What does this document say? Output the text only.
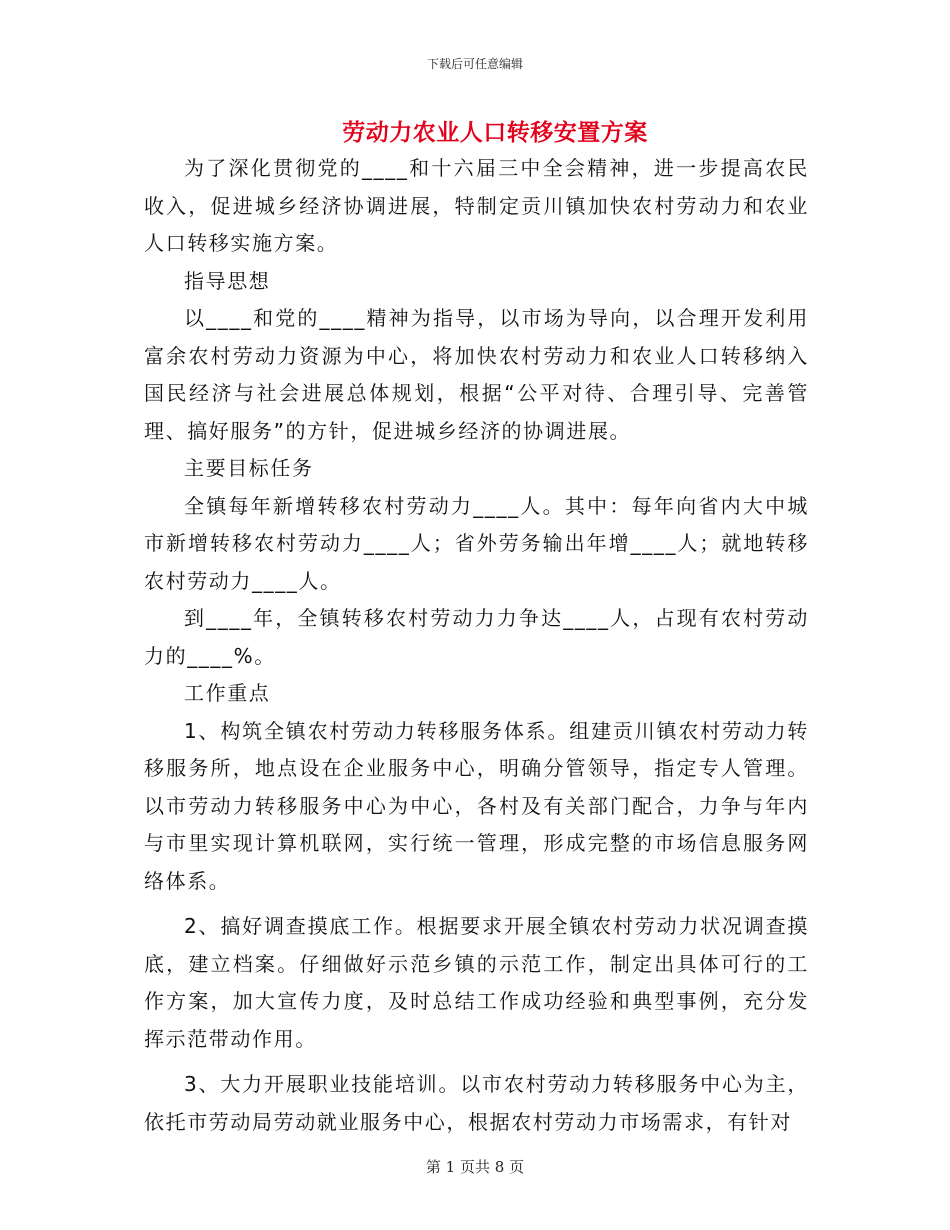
下载后可任意编辑
劳动力农业人口转移安置方案

为了深化贯彻党的____和十六届三中全会精神，进一步提高农民收入，促进城乡经济协调进展，特制定贡川镇加快农村劳动力和农业人口转移实施方案。

指导思想

以____和党的____精神为指导，以市场为导向，以合理开发利用富余农村劳动力资源为中心，将加快农村劳动力和农业人口转移纳入国民经济与社会进展总体规划，根据“公平对待、合理引导、完善管理、搞好服务”的方针，促进城乡经济的协调进展。

主要目标任务

全镇每年新增转移农村劳动力____人。其中：每年向省内大中城市新增转移农村劳动力____人；省外劳务输出年增____人；就地转移农村劳动力____人。

到____年，全镇转移农村劳动力力争达____人，占现有农村劳动力的____%。

工作重点

1、构筑全镇农村劳动力转移服务体系。组建贡川镇农村劳动力转移服务所，地点设在企业服务中心，明确分管领导，指定专人管理。以市劳动力转移服务中心为中心，各村及有关部门配合，力争与年内与市里实现计算机联网，实行统一管理，形成完整的市场信息服务网络体系。

2、搞好调查摸底工作。根据要求开展全镇农村劳动力状况调查摸底，建立档案。仔细做好示范乡镇的示范工作，制定出具体可行的工作方案，加大宣传力度，及时总结工作成功经验和典型事例，充分发挥示范带动作用。

3、大力开展职业技能培训。以市农村劳动力转移服务中心为主，依托市劳动局劳动就业服务中心，根据农村劳动力市场需求，有针对

第 1 页共 8 页
